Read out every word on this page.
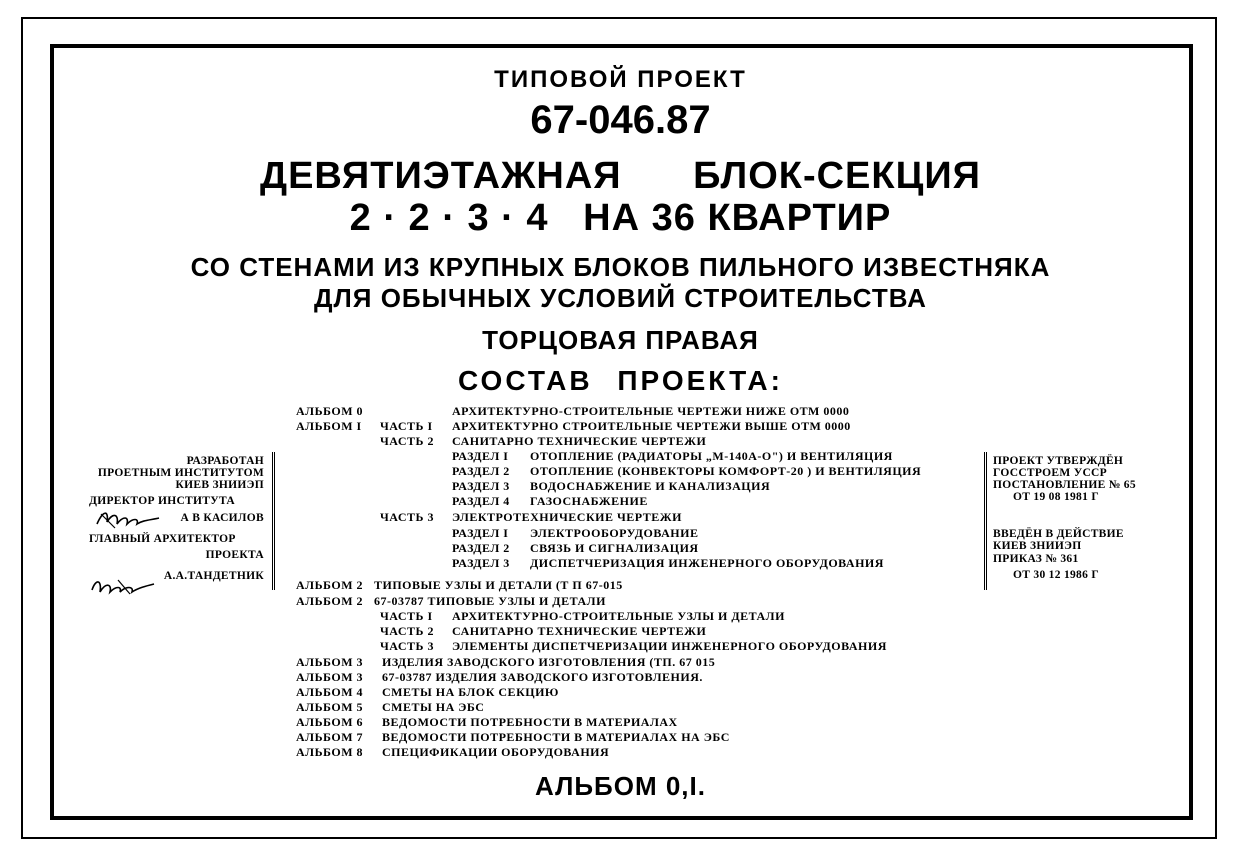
ТИПОВОЙ ПРОЕКТ
67-046.87
ДЕВЯТИЭТАЖНАЯ БЛОК-СЕКЦИЯ
2 · 2 · 3 · 4   НА 36 КВАРТИР
СО СТЕНАМИ ИЗ КРУПНЫХ БЛОКОВ ПИЛЬНОГО ИЗВЕСТНЯКА
ДЛЯ ОБЫЧНЫХ УСЛОВИЙ СТРОИТЕЛЬСТВА
ТОРЦОВАЯ ПРАВАЯ
СОСТАВ ПРОЕКТА:
АЛЬБОМ 0	АРХИТЕКТУРНО-СТРОИТЕЛЬНЫЕ ЧЕРТЕЖИ НИЖЕ ОТМ 0000
АЛЬБОМ I ЧАСТЬ I АРХИТЕКТУРНО СТРОИТЕЛЬНЫЕ ЧЕРТЕЖИ ВЫШЕ ОТМ 0000
ЧАСТЬ 2 САНИТАРНО ТЕХНИЧЕСКИЕ ЧЕРТЕЖИ
РАЗДЕЛ I ОТОПЛЕНИЕ (РАДИАТОРЫ „М-140А-О") И ВЕНТИЛЯЦИЯ
РАЗДЕЛ 2 ОТОПЛЕНИЕ (КОНВЕКТОРЫ КОМФОРТ-20 ) И ВЕНТИЛЯЦИЯ
РАЗДЕЛ 3 ВОДОСНАБЖЕНИЕ И КАНАЛИЗАЦИЯ
РАЗДЕЛ 4 ГАЗОСНАБЖЕНИЕ
ЧАСТЬ 3 ЭЛЕКТРОТЕХНИЧЕСКИЕ ЧЕРТЕЖИ
РАЗДЕЛ I ЭЛЕКТРООБОРУДОВАНИЕ
РАЗДЕЛ 2 СВЯЗЬ И СИГНАЛИЗАЦИЯ
РАЗДЕЛ 3 ДИСПЕТЧЕРИЗАЦИЯ ИНЖЕНЕРНОГО ОБОРУДОВАНИЯ
АЛЬБОМ 2 ТИПОВЫЕ УЗЛЫ И ДЕТАЛИ (Т П 67-015
АЛЬБОМ 2 67-03787 ТИПОВЫЕ УЗЛЫ И ДЕТАЛИ
ЧАСТЬ I АРХИТЕКТУРНО-СТРОИТЕЛЬНЫЕ УЗЛЫ И ДЕТАЛИ
ЧАСТЬ 2 САНИТАРНО ТЕХНИЧЕСКИЕ ЧЕРТЕЖИ
ЧАСТЬ 3 ЭЛЕМЕНТЫ ДИСПЕТЧЕРИЗАЦИИ ИНЖЕНЕРНОГО ОБОРУДОВАНИЯ
АЛЬБОМ 3 ИЗДЕЛИЯ ЗАВОДСКОГО ИЗГОТОВЛЕНИЯ (ТП. 67 015
АЛЬБОМ 3 67-03787 ИЗДЕЛИЯ ЗАВОДСКОГО ИЗГОТОВЛЕНИЯ.
АЛЬБОМ 4 СМЕТЫ НА БЛОК СЕКЦИЮ
АЛЬБОМ 5 СМЕТЫ НА ЭБС
АЛЬБОМ 6 ВЕДОМОСТИ ПОТРЕБНОСТИ В МАТЕРИАЛАХ
АЛЬБОМ 7 ВЕДОМОСТИ ПОТРЕБНОСТИ В МАТЕРИАЛАХ НА ЭБС
АЛЬБОМ 8 СПЕЦИФИКАЦИИ ОБОРУДОВАНИЯ
РАЗРАБОТАН
ПРОЕТНЫМ ИНСТИТУТОМ
КИЕВ ЗНИИЭП
ДИРЕКТОР ИНСТИТУТА
А В КАСИЛОВ
ГЛАВНЫЙ АРХИТЕКТОР
ПРОЕКТА
А.А.ТАНДЕТНИК
ПРОЕКТ УТВЕРЖДЁН
ГОССТРОЕМ УССР
ПОСТАНОВЛЕНИЕ № 65
ОТ 19 08 1981 Г
ВВЕДЁН В ДЕЙСТВИЕ
КИЕВ ЗНИИЭП
ПРИКАЗ № 361
ОТ 30 12 1986 Г
АЛЬБОМ 0,I.
